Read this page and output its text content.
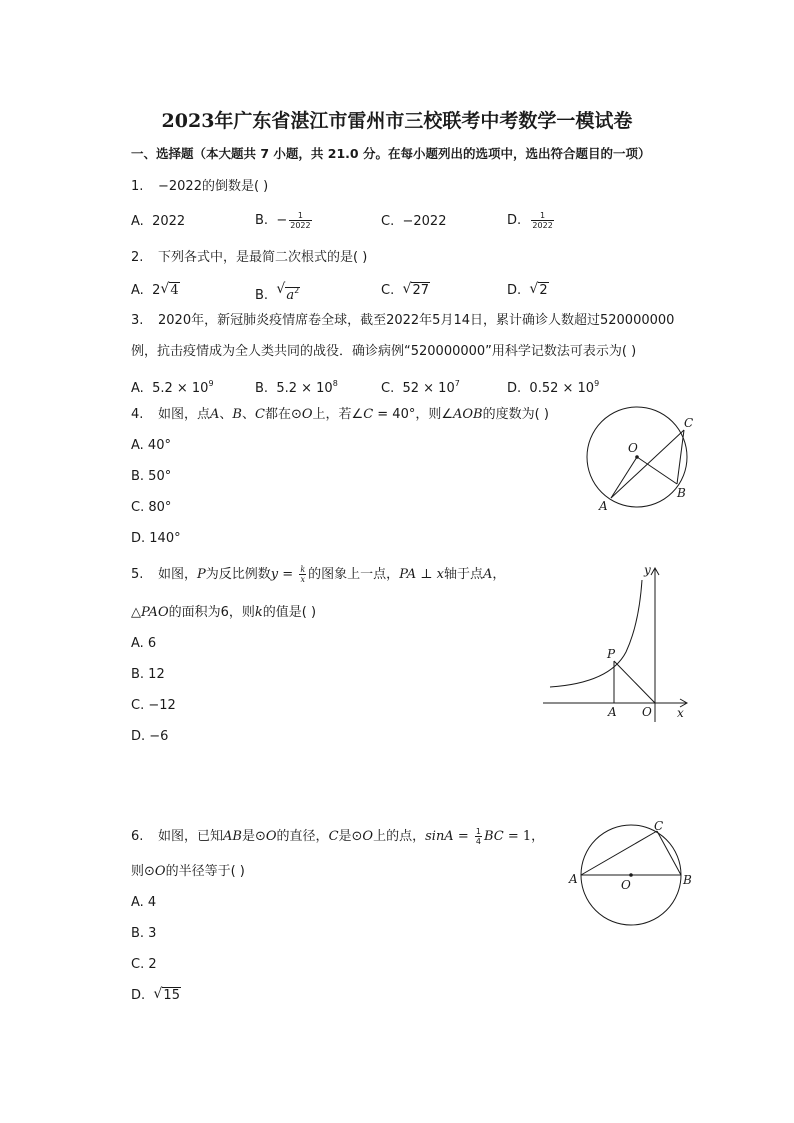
2023年广东省湛江市雷州市三校联考中考数学一模试卷
一、选择题（本大题共 7 小题，共 21.0 分。在每小题列出的选项中，选出符合题目的一项）
1. −2022的倒数是( )
A. 2022	B. − $\frac{1}{2022}$	C. −2022	D. $\frac{1}{2022}$
2. 下列各式中，是最简二次根式的是( )
A. 2 √ 4	B. √ $a^2$	C. √ 27	D. √ 2
3. 2020年，新冠肺炎疫情席卷全球，截至2022年5月14日，累计确诊人数超过520000000
例，抗击疫情成为全人类共同的战役．确诊病例“520000000”用科学记数法可表示为( )
A. $5.2 \times 10^9$	B. $5.2 \times 10^8$	C. $52 \times 10^7$	D. $0.52 \times 10^9$
4. 如图，点A、B、C都在⊙O上，若∠C = 40°，则∠AOB的度数为( )
A. 40°
B. 50°
C. 80°
D. 140°
O
A
B
C
5. 如图，P为反比例数$y = \frac{k}{x}$ 的图象上一点，PA ⊥ x轴于点A，
△PAO的面积为6，则k的值是( )
A. 6
B. 12
C. −12
D. −6
y
x
P
A O
6. 如图，已知AB是⊙O的直径，C是⊙O上的点，$\sin A = \frac{1}{4}$ BC = 1，
则⊙O的半径等于( )
A. 4
B. 3
C. 2
D. √ 15
A	B
C
O
